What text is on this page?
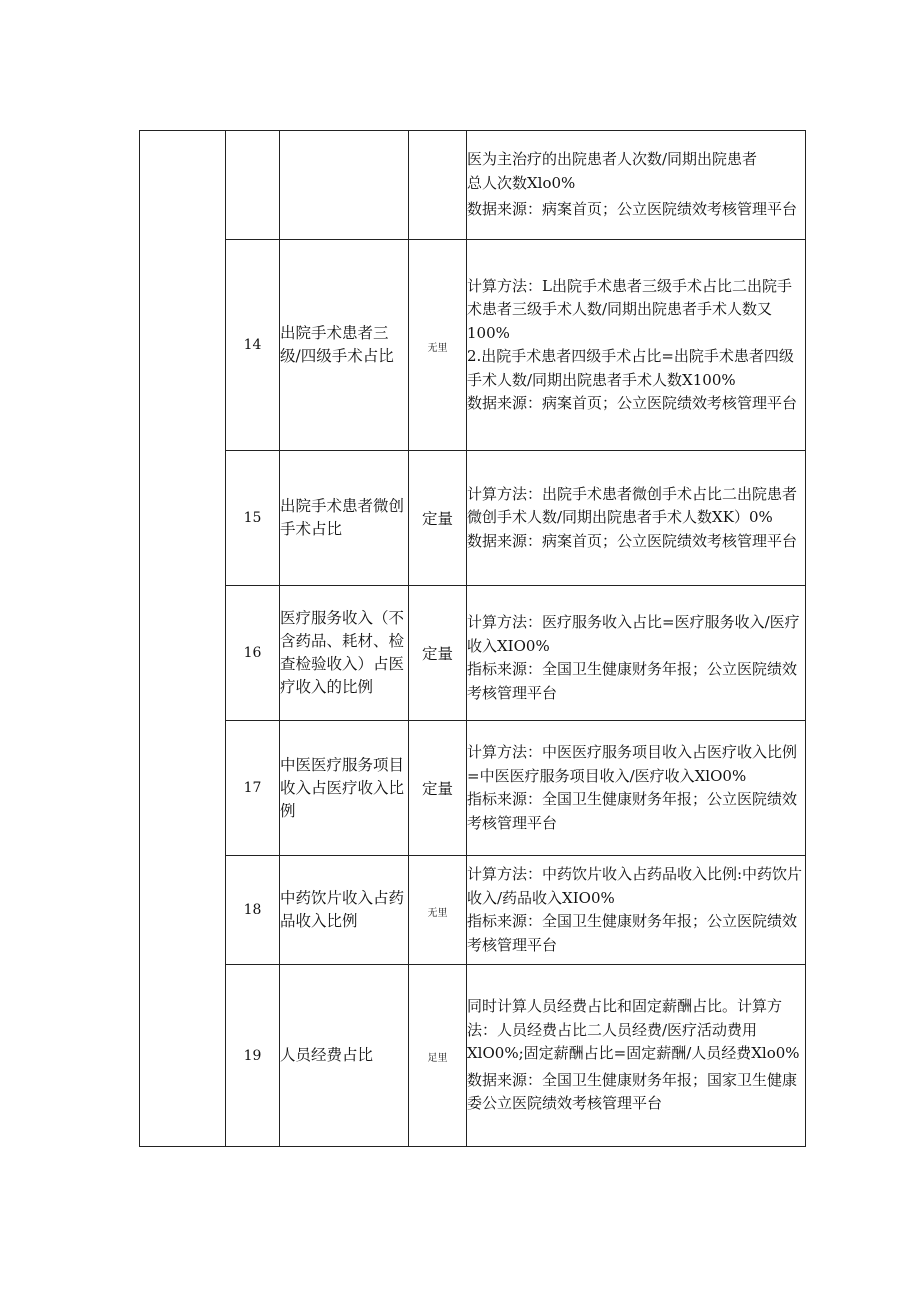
				医为主治疗的出院患者人次数/同期出院患者总人次数Xlo0%

数据来源：病案首页；公立医院绩效考核管理平台

	14	出院手术患者三级/四级手术占比	无里	计算方法：L出院手术患者三级手术占比二出院手术患者三级手术人数/同期出院患者手术人数又100%

2.出院手术患者四级手术占比=出院手术患者四级手术人数/同期出院患者手术人数X100%

数据来源：病案首页；公立医院绩效考核管理平台

	15	出院手术患者微创手术占比	定量	计算方法：出院手术患者微创手术占比二出院患者微创手术人数/同期出院患者手术人数XK）0%

数据来源：病案首页；公立医院绩效考核管理平台

	16	医疗服务收入（不含药品、耗材、检查检验收入）占医疗收入的比例	定量	计算方法：医疗服务收入占比=医疗服务收入/医疗收入XIO0%

指标来源：全国卫生健康财务年报；公立医院绩效考核管理平台

	17	中医医疗服务项目收入占医疗收入比例	定量	计算方法：中医医疗服务项目收入占医疗收入比例=中医医疗服务项目收入/医疗收入XlO0%

指标来源：全国卫生健康财务年报；公立医院绩效考核管理平台

	18	中药饮片收入占药品收入比例	无里	计算方法：中药饮片收入占药品收入比例:中药饮片收入/药品收入XIO0%

指标来源：全国卫生健康财务年报；公立医院绩效考核管理平台

	19	人员经费占比	足里	同时计算人员经费占比和固定薪酬占比。计算方法：人员经费占比二人员经费/医疗活动费用XlO0%;固定薪酬占比=固定薪酬/人员经费Xlo0%

数据来源：全国卫生健康财务年报；国家卫生健康委公立医院绩效考核管理平台
